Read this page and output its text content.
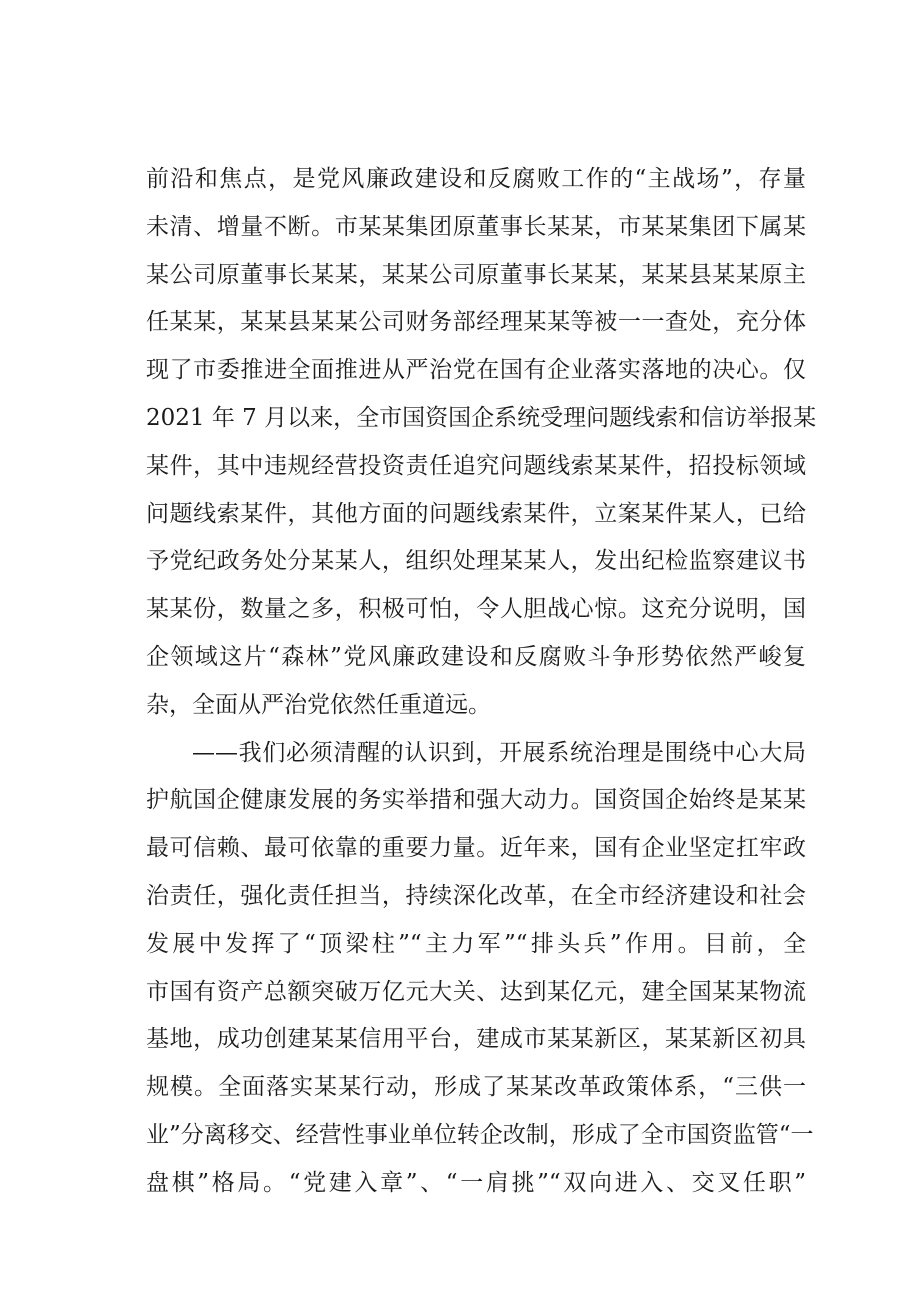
前沿和焦点，是党风廉政建设和反腐败工作的“主战场”，存量
未清、增量不断。市某某集团原董事长某某，市某某集团下属某
某公司原董事长某某，某某公司原董事长某某，某某县某某原主
任某某，某某县某某公司财务部经理某某等被一一查处，充分体
现了市委推进全面推进从严治党在国有企业落实落地的决心。仅
2021 年 7 月以来，全市国资国企系统受理问题线索和信访举报某
某件，其中违规经营投资责任追究问题线索某某件，招投标领域
问题线索某件，其他方面的问题线索某件，立案某件某人，已给
予党纪政务处分某某人，组织处理某某人，发出纪检监察建议书
某某份，数量之多，积极可怕，令人胆战心惊。这充分说明，国
企领域这片“森林”党风廉政建设和反腐败斗争形势依然严峻复
杂，全面从严治党依然任重道远。
——我们必须清醒的认识到，开展系统治理是围绕中心大局
护航国企健康发展的务实举措和强大动力。国资国企始终是某某
最可信赖、最可依靠的重要力量。近年来，国有企业坚定扛牢政
治责任，强化责任担当，持续深化改革，在全市经济建设和社会
发展中发挥了“顶梁柱”“主力军”“排头兵”作用。目前，全
市国有资产总额突破万亿元大关、达到某亿元，建全国某某物流
基地，成功创建某某信用平台，建成市某某新区，某某新区初具
规模。全面落实某某行动，形成了某某改革政策体系，“三供一
业”分离移交、经营性事业单位转企改制，形成了全市国资监管“一
盘棋”格局。“党建入章”、“一肩挑”“双向进入、交叉任职”
